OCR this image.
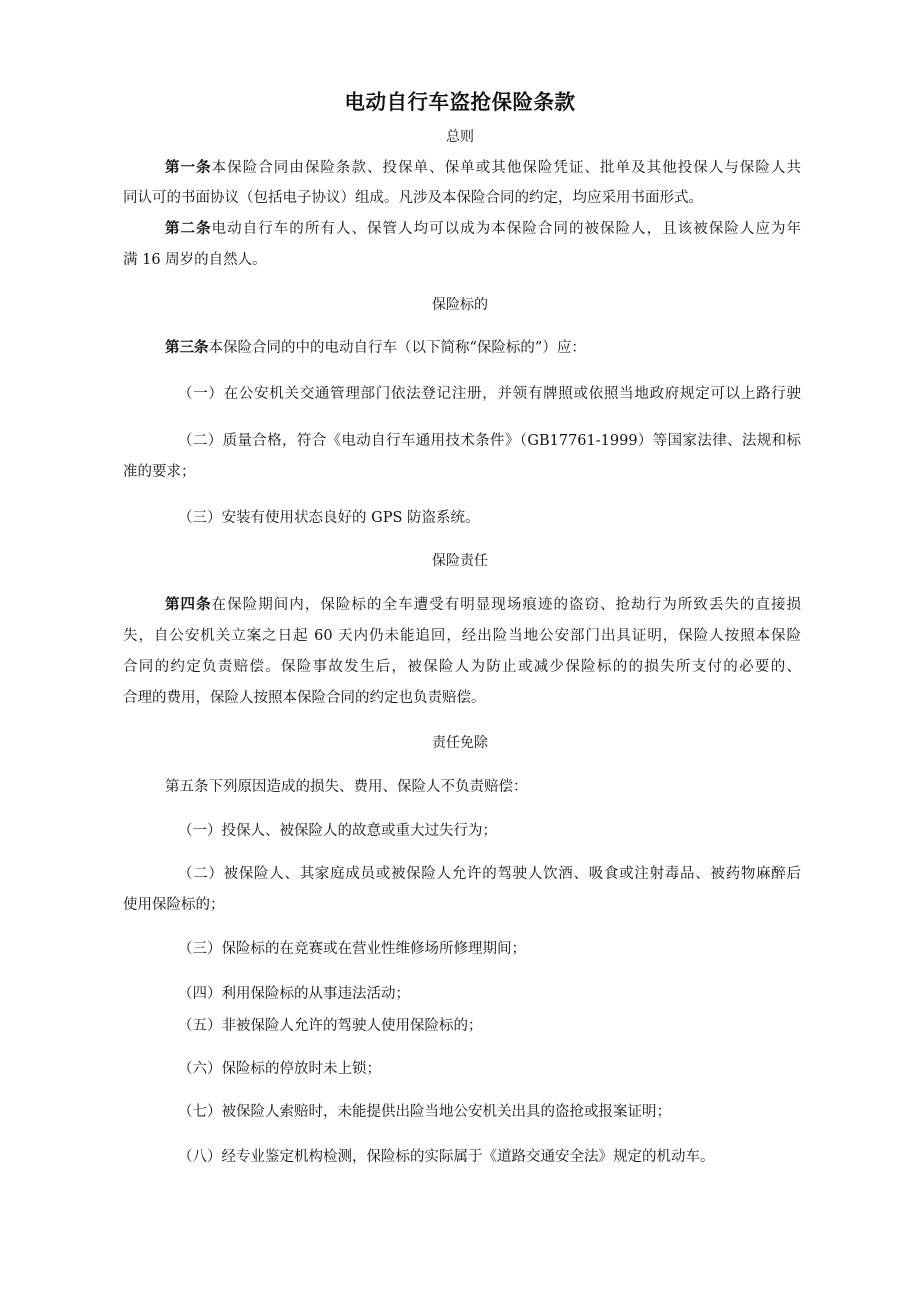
电动自行车盗抢保险条款
总则
第一条本保险合同由保险条款、投保单、保单或其他保险凭证、批单及其他投保人与保险人共
同认可的书面协议（包括电子协议）组成。凡涉及本保险合同的约定，均应采用书面形式。
第二条电动自行车的所有人、保管人均可以成为本保险合同的被保险人，且该被保险人应为年
满 16 周岁的自然人。
保险标的
第三条本保险合同的中的电动自行车（以下简称“保险标的”）应：
（一）在公安机关交通管理部门依法登记注册，并领有牌照或依照当地政府规定可以上路行驶
（二）质量合格，符合《电动自行车通用技术条件》（GB17761-1999）等国家法律、法规和标
准的要求；
（三）安装有使用状态良好的 GPS 防盗系统。
保险责任
第四条在保险期间内，保险标的全车遭受有明显现场痕迹的盗窃、抢劫行为所致丢失的直接损
失，自公安机关立案之日起 60 天内仍未能追回，经出险当地公安部门出具证明，保险人按照本保险
合同的约定负责赔偿。保险事故发生后，被保险人为防止或减少保险标的的损失所支付的必要的、
合理的费用，保险人按照本保险合同的约定也负责赔偿。
责任免除
第五条下列原因造成的损失、费用、保险人不负责赔偿：
（一）投保人、被保险人的故意或重大过失行为；
（二）被保险人、其家庭成员或被保险人允许的驾驶人饮酒、吸食或注射毒品、被药物麻醉后
使用保险标的；
（三）保险标的在竞赛或在营业性维修场所修理期间；
（四）利用保险标的从事违法活动；
（五）非被保险人允许的驾驶人使用保险标的；
（六）保险标的停放时未上锁；
（七）被保险人索赔时，未能提供出险当地公安机关出具的盗抢或报案证明；
（八）经专业鉴定机构检测，保险标的实际属于《道路交通安全法》规定的机动车。
